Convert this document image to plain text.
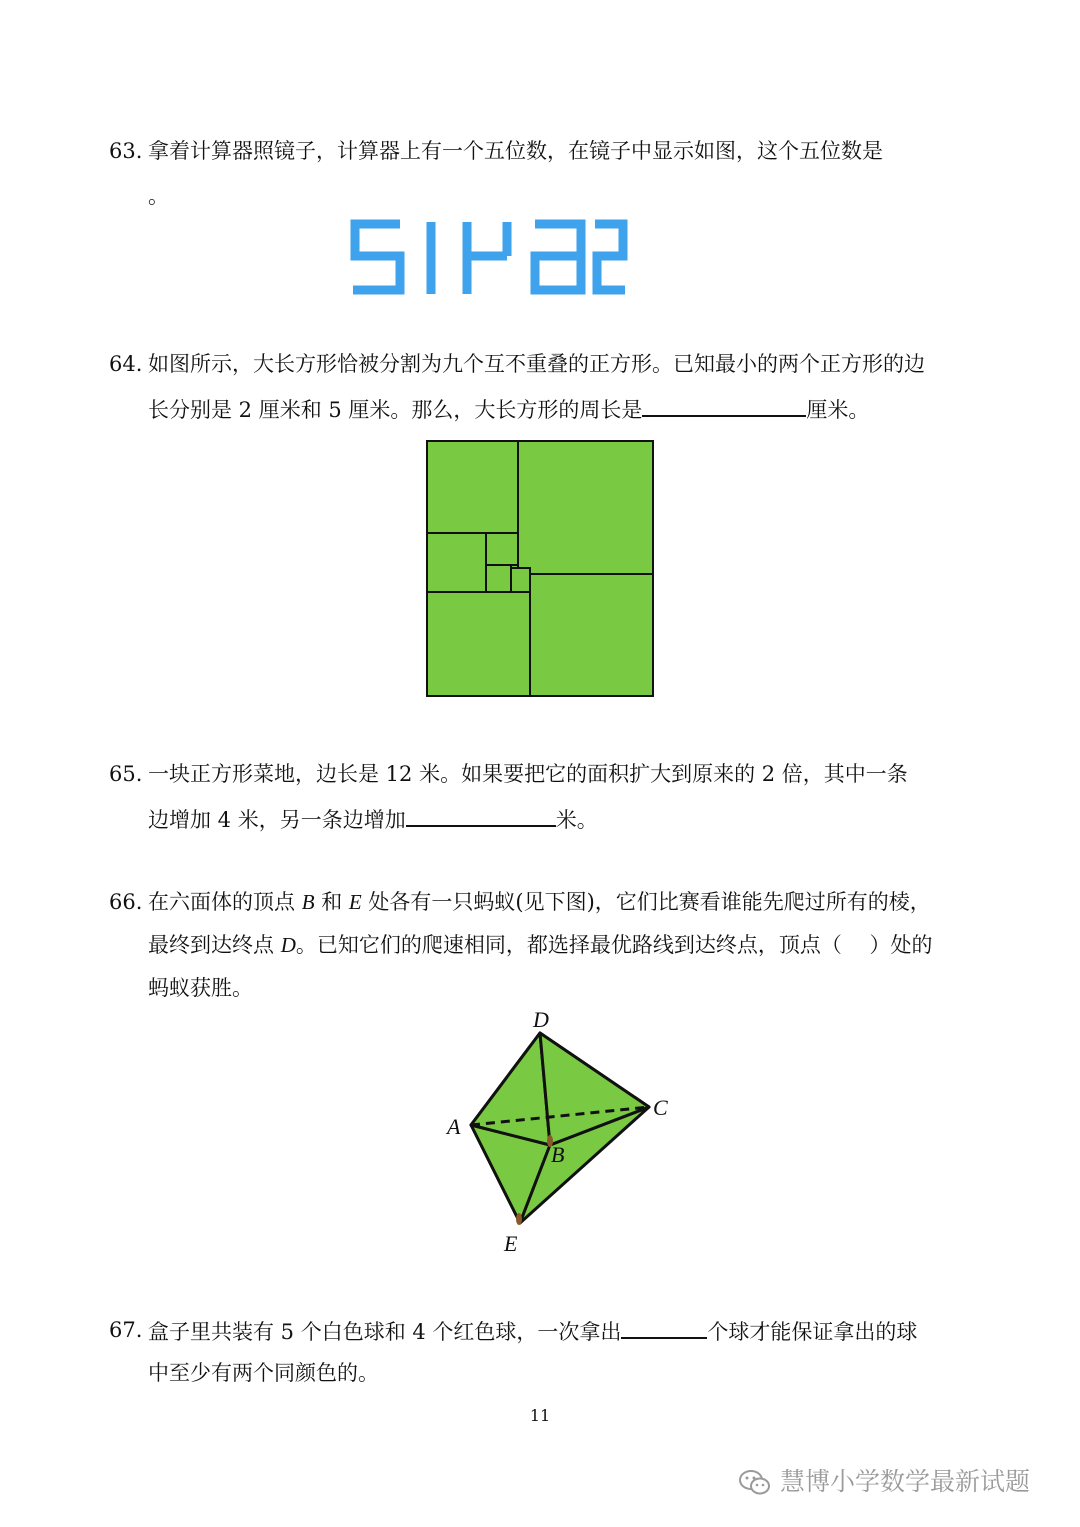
63. 拿着计算器照镜子，计算器上有一个五位数，在镜子中显示如图，这个五位数是
。
64. 如图所示，大长方形恰被分割为九个互不重叠的正方形。已知最小的两个正方形的边
长分别是 2 厘米和 5 厘米。那么，大长方形的周长是	厘米。
65. 一块正方形菜地，边长是 12 米。如果要把它的面积扩大到原来的 2 倍，其中一条
边增加 4 米，另一条边增加	米。
66. 在六面体的顶点 B 和 E 处各有一只蚂蚁(见下图)，它们比赛看谁能先爬过所有的棱，
最终到达终点 D。已知它们的爬速相同，都选择最优路线到达终点，顶点（　 ）处的
蚂蚁获胜。
D
A
C
B
E
67. 盒子里共装有 5 个白色球和 4 个红色球，一次拿出	个球才能保证拿出的球
中至少有两个同颜色的。
11
慧博小学数学最新试题
